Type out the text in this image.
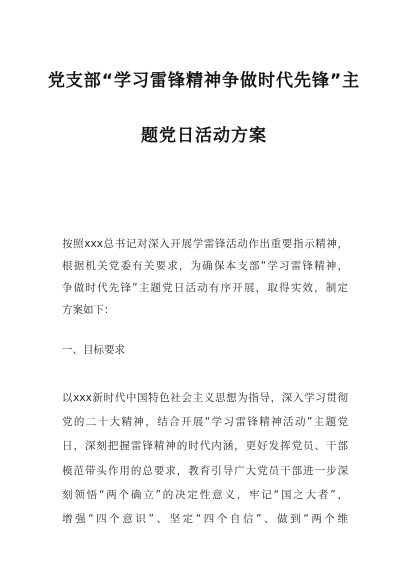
党支部“学习雷锋精神争做时代先锋”主
题党日活动方案
按照xxx总书记对深入开展学雷锋活动作出重要指示精神，
根据机关党委有关要求，为确保本支部“学习雷锋精神，
争做时代先锋”主题党日活动有序开展，取得实效，制定
方案如下：
一、目标要求
以xxx新时代中国特色社会主义思想为指导，深入学习贯彻
党的二十大精神，结合开展“学习雷锋精神活动”主题党
日，深刻把握雷锋精神的时代内涵，更好发挥党员、干部
模范带头作用的总要求，教育引导广大党员干部进一步深
刻领悟“两个确立”的决定性意义，牢记“国之大者”，
增强“四个意识”、坚定“四个自信”、做到“两个维
